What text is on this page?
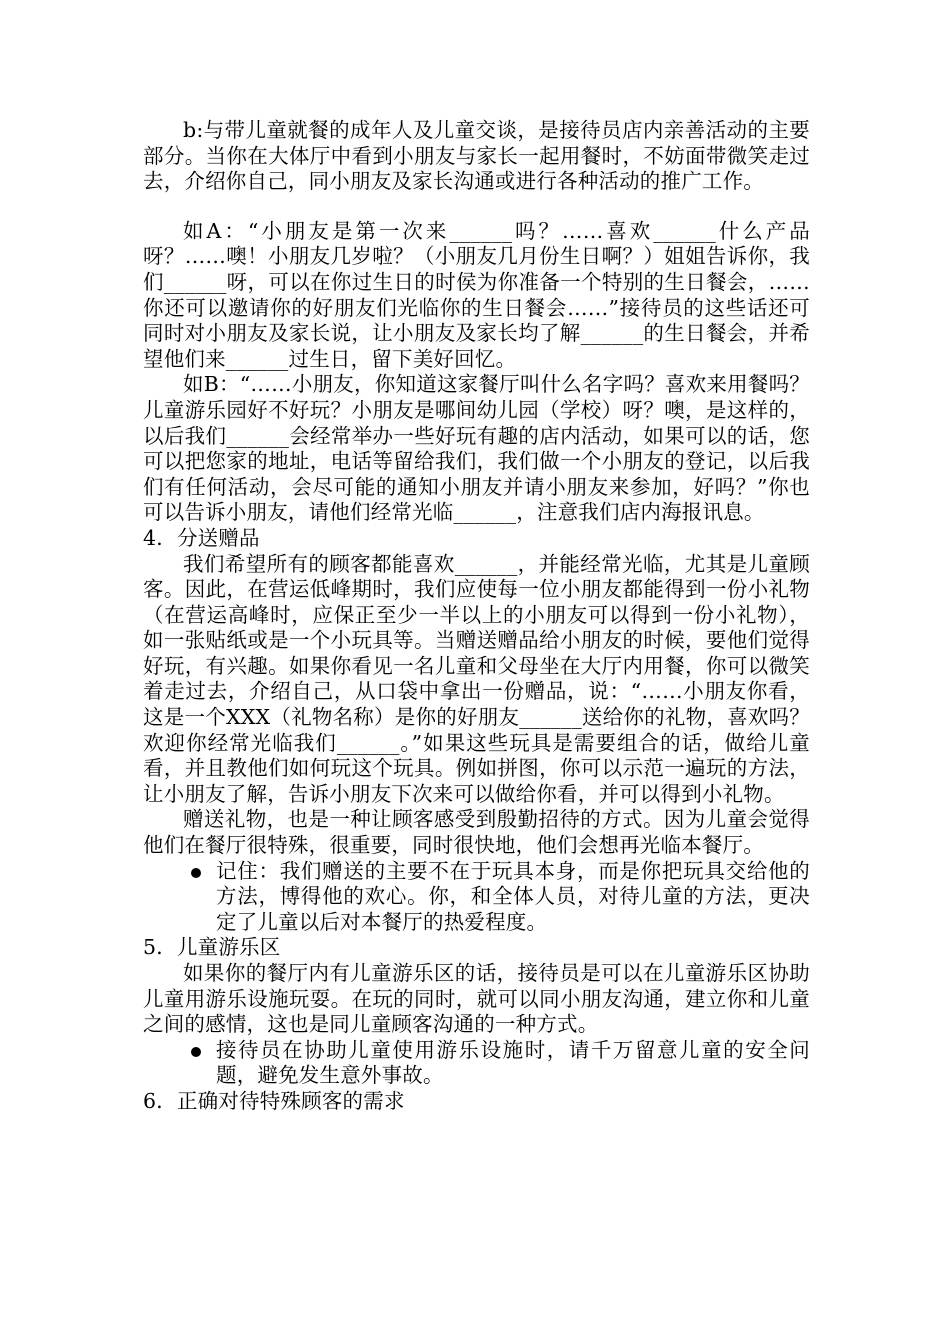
b:与带儿童就餐的成年人及儿童交谈，是接待员店内亲善活动的主要部分。当你在大体厅中看到小朋友与家长一起用餐时，不妨面带微笑走过去，介绍你自己，同小朋友及家长沟通或进行各种活动的推广工作。

如A：“小朋友是第一次来______吗？……喜欢______什么产品呀？……噢！小朋友几岁啦？（小朋友几月份生日啊？）姐姐告诉你，我们______呀，可以在你过生日的时侯为你准备一个特别的生日餐会，……你还可以邀请你的好朋友们光临你的生日餐会……”接待员的这些话还可同时对小朋友及家长说，让小朋友及家长均了解______的生日餐会，并希望他们来______过生日，留下美好回忆。

如B：“……小朋友，你知道这家餐厅叫什么名字吗？喜欢来用餐吗？儿童游乐园好不好玩？小朋友是哪间幼儿园（学校）呀？噢，是这样的，以后我们______会经常举办一些好玩有趣的店内活动，如果可以的话，您可以把您家的地址，电话等留给我们，我们做一个小朋友的登记，以后我们有任何活动，会尽可能的通知小朋友并请小朋友来参加，好吗？”你也可以告诉小朋友，请他们经常光临______，注意我们店内海报讯息。

4．分送赠品

我们希望所有的顾客都能喜欢______，并能经常光临，尤其是儿童顾客。因此，在营运低峰期时，我们应使每一位小朋友都能得到一份小礼物（在营运高峰时，应保正至少一半以上的小朋友可以得到一份小礼物），如一张贴纸或是一个小玩具等。当赠送赠品给小朋友的时候，要他们觉得好玩，有兴趣。如果你看见一名儿童和父母坐在大厅内用餐，你可以微笑着走过去，介绍自己，从口袋中拿出一份赠品，说：“……小朋友你看，这是一个XXX（礼物名称）是你的好朋友______送给你的礼物，喜欢吗？欢迎你经常光临我们______。”如果这些玩具是需要组合的话，做给儿童看，并且教他们如何玩这个玩具。例如拼图，你可以示范一遍玩的方法，让小朋友了解，告诉小朋友下次来可以做给你看，并可以得到小礼物。

赠送礼物，也是一种让顾客感受到殷勤招待的方式。因为儿童会觉得他们在餐厅很特殊，很重要，同时很快地，他们会想再光临本餐厅。

记住：我们赠送的主要不在于玩具本身，而是你把玩具交给他的方法，博得他的欢心。你，和全体人员，对待儿童的方法，更决定了儿童以后对本餐厅的热爱程度。

5．儿童游乐区

如果你的餐厅内有儿童游乐区的话，接待员是可以在儿童游乐区协助儿童用游乐设施玩耍。在玩的同时，就可以同小朋友沟通，建立你和儿童之间的感情，这也是同儿童顾客沟通的一种方式。

接待员在协助儿童使用游乐设施时，请千万留意儿童的安全问题，避免发生意外事故。

6．正确对待特殊顾客的需求
